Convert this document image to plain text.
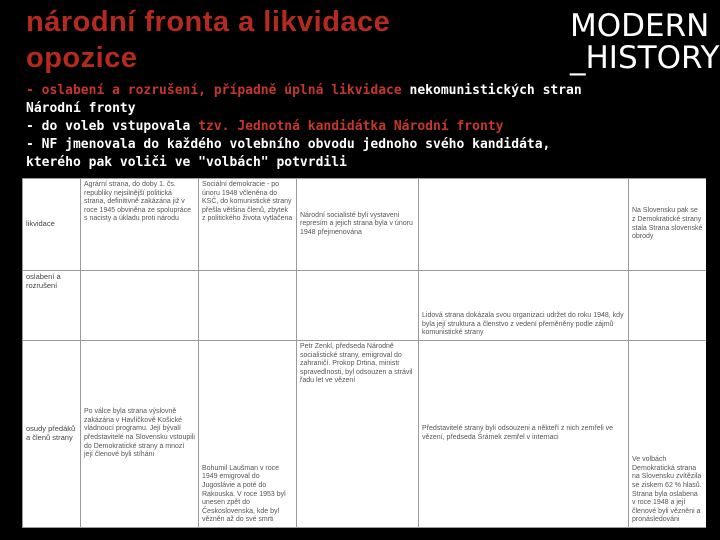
národní fronta a likvidace
opozice
MODERN
_HISTORY
- oslabení a rozrušení, případně úplná likvidace nekomunistických stran
Národní fronty
- do voleb vstupovala tzv. Jednotná kandidátka Národní fronty
- NF jmenovala do každého volebního obvodu jednoho svého kandidáta,
kterého pak voliči ve "volbách" potvrdili
likvidace	Agrární strana, do doby 1. čs. republiky nejsilnější politická strana, definitivně zakázána již v roce 1945 obviněna ze spolupráce s nacisty a úkladu proti národu	Sociální demokracie - po únoru 1948 včleněna do KSČ, do komunistické strany přešla většina členů, zbytek z politického života vytlačena	Národní socialisté byli vystaveni represím a jejich strana byla v únoru 1948 přejmenována		Na Slovensku pak se z Demokratické strany stala Strana slovenské obrody
oslabení a rozrušení				Lidová strana dokázala svou organizaci udržet do roku 1948, kdy byla její struktura a členstvo z vedení přeměněny podle zájmů komunistické strany	
osudy předáků a členů strany	Po válce byla strana výslovně zakázána v Havlíčkově Košické vládnoucí programu. Její bývalí představitelé na Slovensku vstoupili do Demokratické strany a mnozí její členové byli stíháni	Bohumil Laušman v roce 1949 emigroval do Jugoslávie a poté do Rakouska. V roce 1953 byl unesen zpět do Československa, kde byl vězněn až do své smrti	Petr Zenkl, předseda Národně socialistické strany, emigroval do zahraničí. Prokop Drtina, ministr spravedlnosti, byl odsouzen a strávil řadu let ve vězení	Představitelé strany byli odsouzeni a někteří z nich zemřeli ve vězení, předseda Šrámek zemřel v internaci	Ve volbách Demokratická strana na Slovensku zvítězila se ziskem 62 % hlasů. Strana byla oslabena v roce 1948 a její členové byli vězněni a pronásledováni
